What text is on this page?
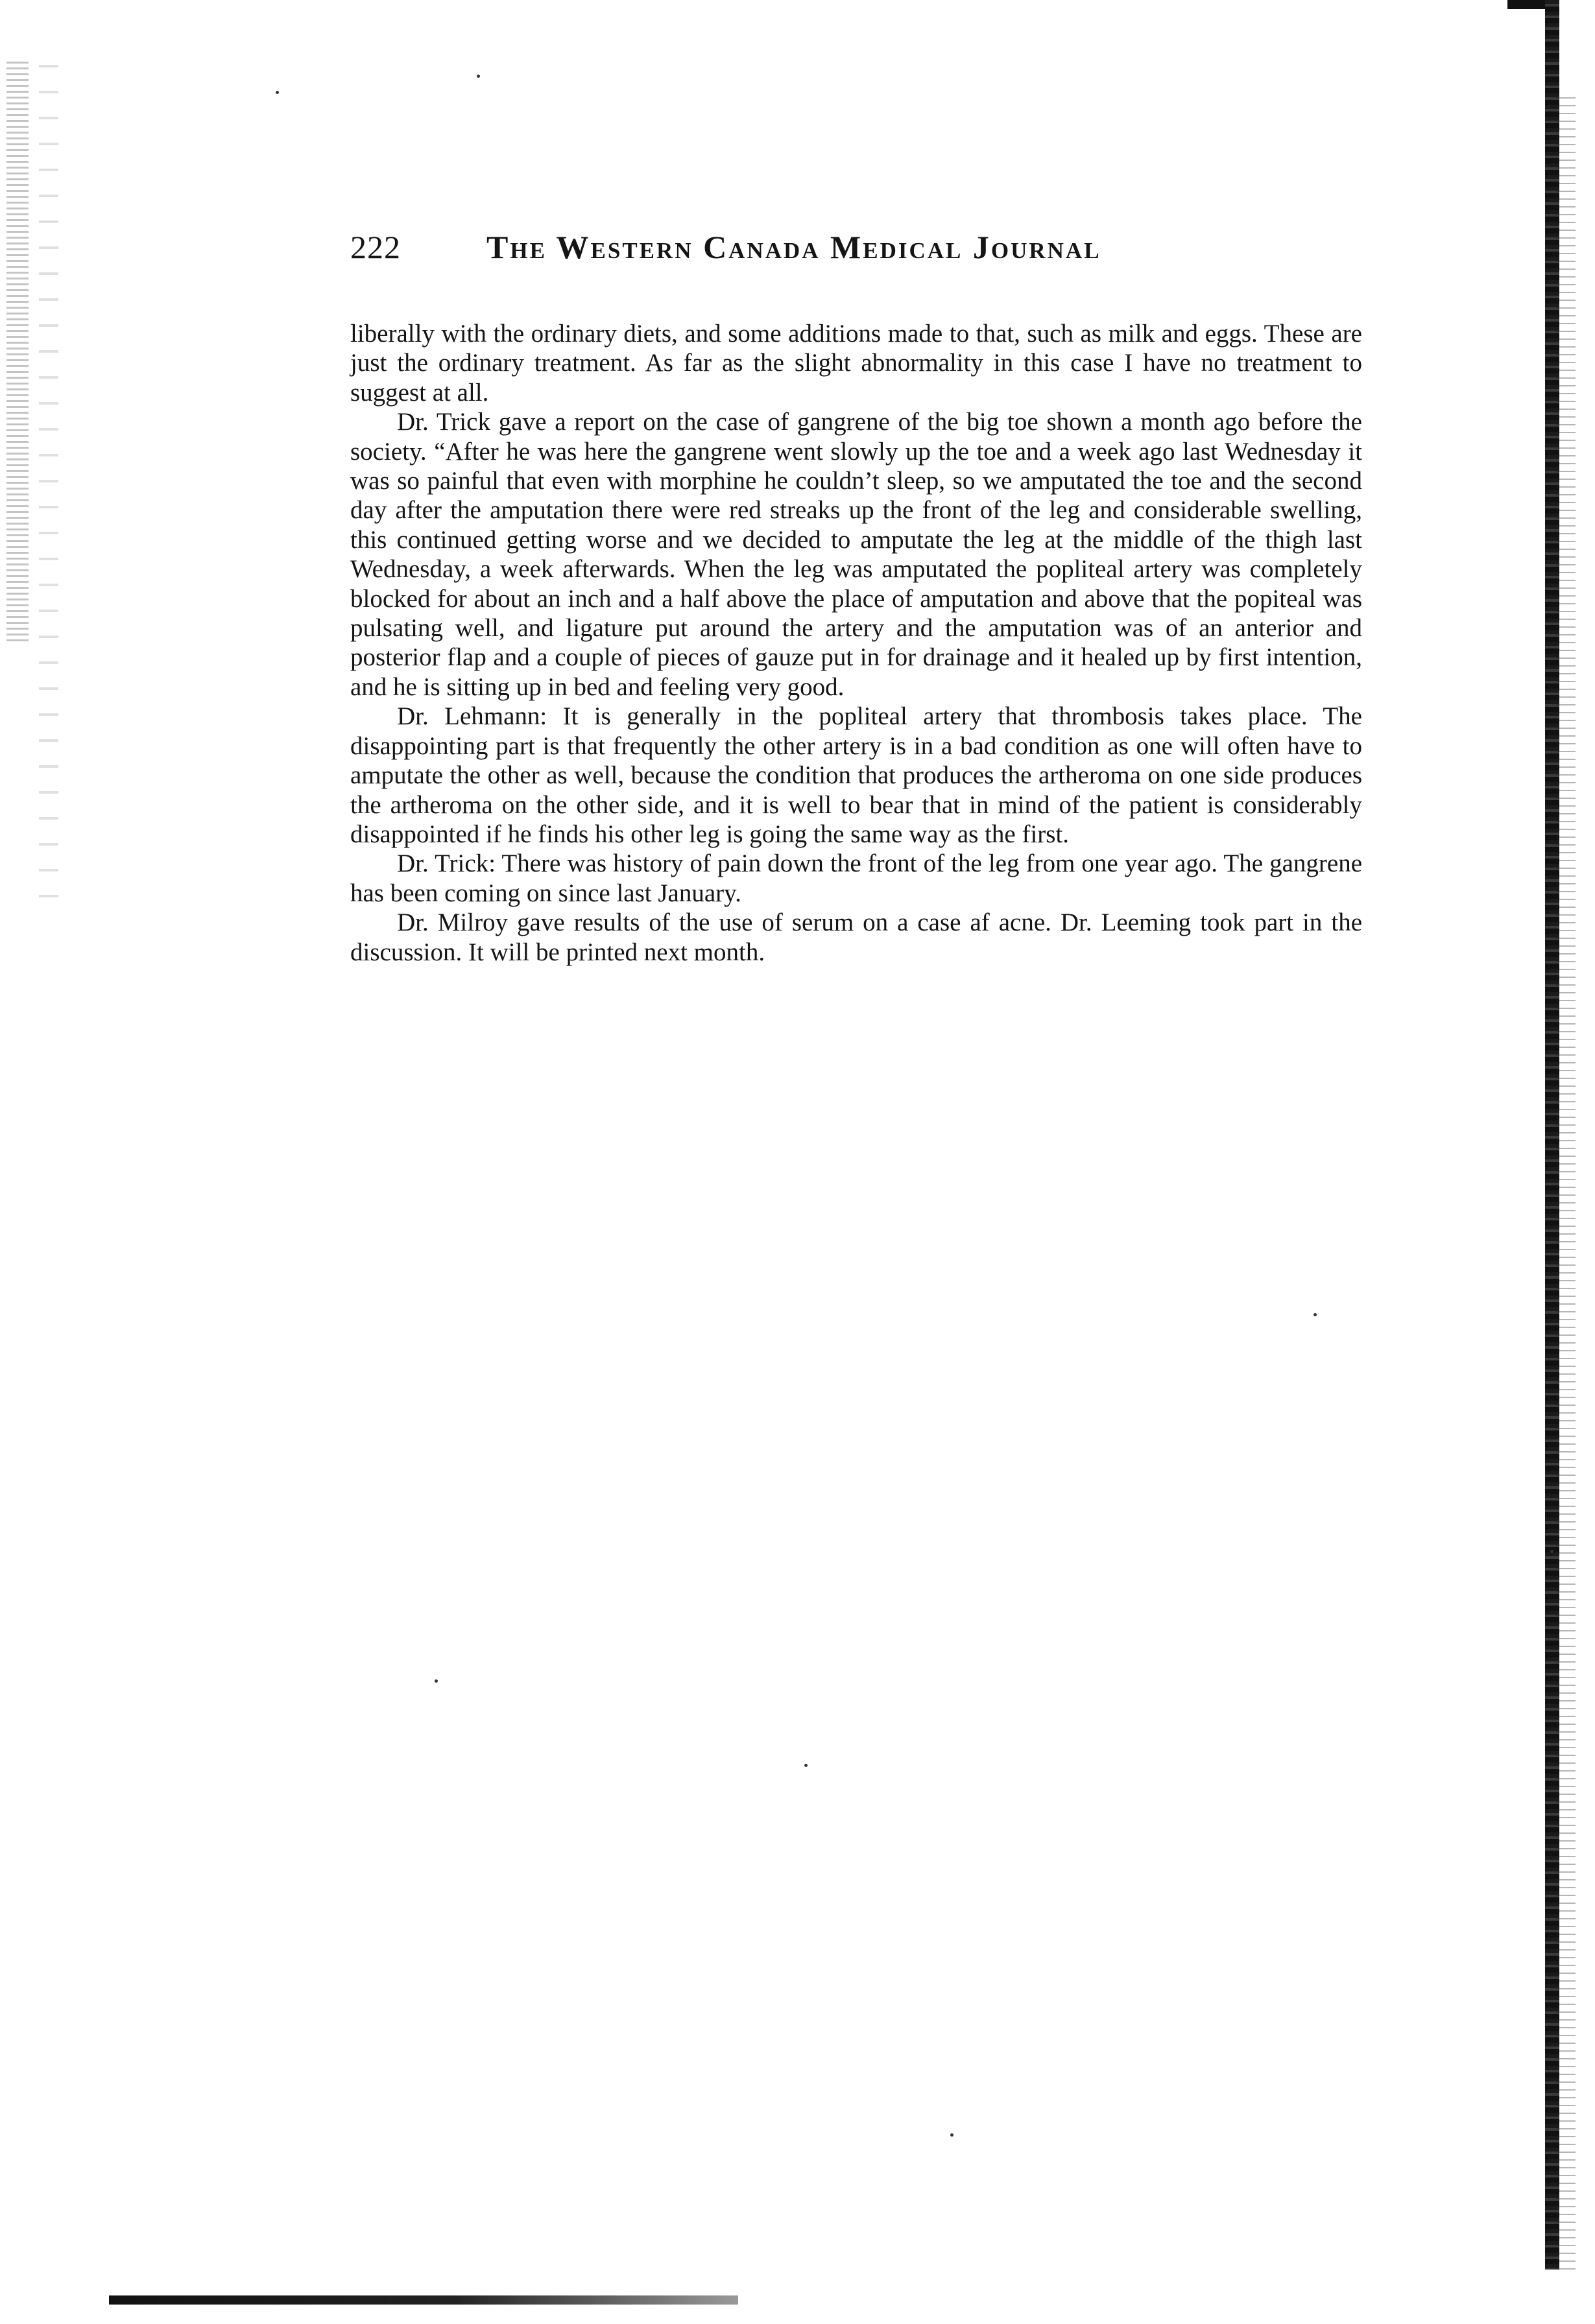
222	The Western Canada Medical Journal

liberally with the ordinary diets, and some additions made to that, such as milk and eggs. These are just the ordinary treatment. As far as the slight abnormality in this case I have no treatment to suggest at all.

Dr. Trick gave a report on the case of gangrene of the big toe shown a month ago before the society. “After he was here the gangrene went slowly up the toe and a week ago last Wednesday it was so painful that even with morphine he couldn’t sleep, so we amputated the toe and the second day after the amputation there were red streaks up the front of the leg and considerable swelling, this continued getting worse and we decided to amputate the leg at the middle of the thigh last Wednesday, a week afterwards. When the leg was amputated the popliteal artery was completely blocked for about an inch and a half above the place of amputation and above that the popiteal was pulsating well, and ligature put around the artery and the amputation was of an anterior and posterior flap and a couple of pieces of gauze put in for drainage and it healed up by first intention, and he is sitting up in bed and feeling very good.

Dr. Lehmann: It is generally in the popliteal artery that thrombosis takes place. The disappointing part is that frequently the other artery is in a bad condition as one will often have to amputate the other as well, because the condition that produces the artheroma on one side produces the artheroma on the other side, and it is well to bear that in mind of the patient is considerably disappointed if he finds his other leg is going the same way as the first.

Dr. Trick: There was history of pain down the front of the leg from one year ago. The gangrene has been coming on since last January.

Dr. Milroy gave results of the use of serum on a case af acne. Dr. Leeming took part in the discussion. It will be printed next month.
